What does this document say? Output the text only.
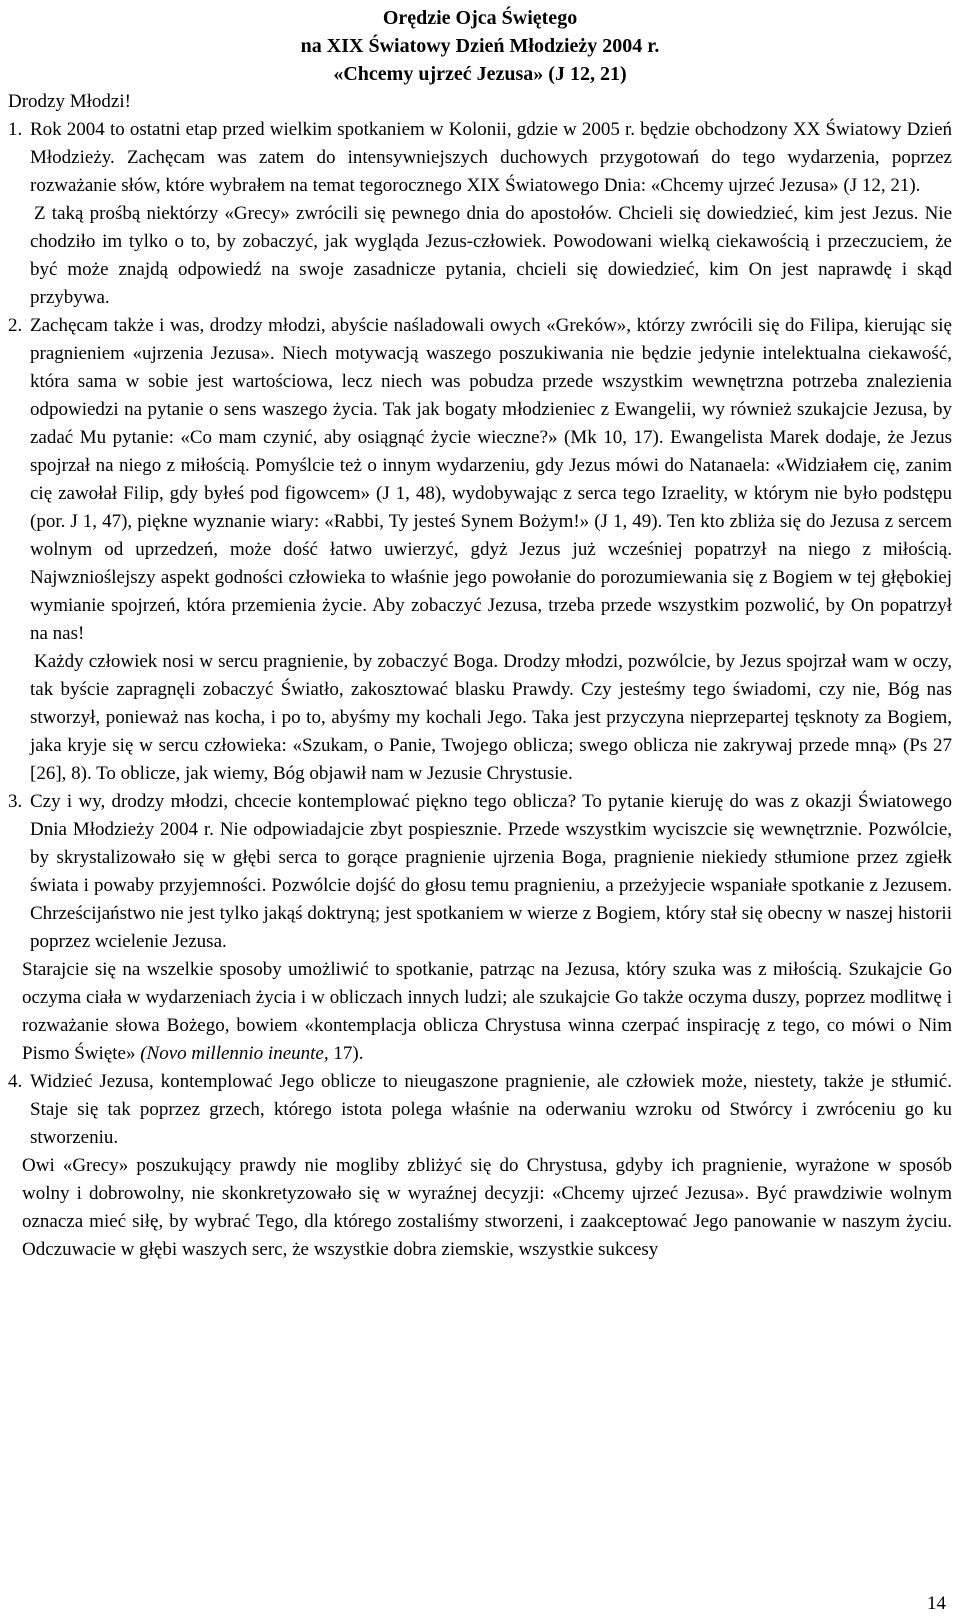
Orędzie Ojca Świętego
na XIX Światowy Dzień Młodzieży 2004 r.
«Chcemy ujrzeć Jezusa» (J 12, 21)
Drodzy Młodzi!
1. Rok 2004 to ostatni etap przed wielkim spotkaniem w Kolonii, gdzie w 2005 r. będzie obchodzony XX Światowy Dzień Młodzieży. Zachęcam was zatem do intensywniejszych duchowych przygotowań do tego wydarzenia, poprzez rozważanie słów, które wybrałem na temat tegorocznego XIX Światowego Dnia: «Chcemy ujrzeć Jezusa» (J 12, 21).
Z taką prośbą niektórzy «Grecy» zwrócili się pewnego dnia do apostołów. Chcieli się dowiedzieć, kim jest Jezus. Nie chodziło im tylko o to, by zobaczyć, jak wygląda Jezus-człowiek. Powodowani wielką ciekawością i przeczuciem, że być może znajdą odpowiedź na swoje zasadnicze pytania, chcieli się dowiedzieć, kim On jest naprawdę i skąd przybywa.
2. Zachęcam także i was, drodzy młodzi, abyście naśladowali owych «Greków», którzy zwrócili się do Filipa, kierując się pragnieniem «ujrzenia Jezusa». Niech motywacją waszego poszukiwania nie będzie jedynie intelektualna ciekawość, która sama w sobie jest wartościowa, lecz niech was pobudza przede wszystkim wewnętrzna potrzeba znalezienia odpowiedzi na pytanie o sens waszego życia. Tak jak bogaty młodzieniec z Ewangelii, wy również szukajcie Jezusa, by zadać Mu pytanie: «Co mam czynić, aby osiągnąć życie wieczne?» (Mk 10, 17). Ewangelista Marek dodaje, że Jezus spojrzał na niego z miłością. Pomyślcie też o innym wydarzeniu, gdy Jezus mówi do Natanaela: «Widziałem cię, zanim cię zawołał Filip, gdy byłeś pod figowcem» (J 1, 48), wydobywając z serca tego Izraelity, w którym nie było podstępu (por. J 1, 47), piękne wyznanie wiary: «Rabbi, Ty jesteś Synem Bożym!» (J 1, 49). Ten kto zbliża się do Jezusa z sercem wolnym od uprzedzeń, może dość łatwo uwierzyć, gdyż Jezus już wcześniej popatrzył na niego z miłością. Najwznioślejszy aspekt godności człowieka to właśnie jego powołanie do porozumiewania się z Bogiem w tej głębokiej wymianie spojrzeń, która przemienia życie. Aby zobaczyć Jezusa, trzeba przede wszystkim pozwolić, by On popatrzył na nas!
Każdy człowiek nosi w sercu pragnienie, by zobaczyć Boga. Drodzy młodzi, pozwólcie, by Jezus spojrzał wam w oczy, tak byście zapragnęli zobaczyć Światło, zakosztować blasku Prawdy. Czy jesteśmy tego świadomi, czy nie, Bóg nas stworzył, ponieważ nas kocha, i po to, abyśmy my kochali Jego. Taka jest przyczyna nieprzepartej tęsknoty za Bogiem, jaka kryje się w sercu człowieka: «Szukam, o Panie, Twojego oblicza; swego oblicza nie zakrywaj przede mną» (Ps 27 [26], 8). To oblicze, jak wiemy, Bóg objawił nam w Jezusie Chrystusie.
3. Czy i wy, drodzy młodzi, chcecie kontemplować piękno tego oblicza? To pytanie kieruję do was z okazji Światowego Dnia Młodzieży 2004 r. Nie odpowiadajcie zbyt pospiesznie. Przede wszystkim wyciszcie się wewnętrznie. Pozwólcie, by skrystalizowało się w głębi serca to gorące pragnienie ujrzenia Boga, pragnienie niekiedy stłumione przez zgiełk świata i powaby przyjemności. Pozwólcie dojść do głosu temu pragnieniu, a przeżyjecie wspaniałe spotkanie z Jezusem. Chrześcijaństwo nie jest tylko jakąś doktryną; jest spotkaniem w wierze z Bogiem, który stał się obecny w naszej historii poprzez wcielenie Jezusa.
Starajcie się na wszelkie sposoby umożliwić to spotkanie, patrząc na Jezusa, który szuka was z miłością. Szukajcie Go oczyma ciała w wydarzeniach życia i w obliczach innych ludzi; ale szukajcie Go także oczyma duszy, poprzez modlitwę i rozważanie słowa Bożego, bowiem «kontemplacja oblicza Chrystusa winna czerpać inspirację z tego, co mówi o Nim Pismo Święte» (Novo millennio ineunte, 17).
4. Widzieć Jezusa, kontemplować Jego oblicze to nieugaszone pragnienie, ale człowiek może, niestety, także je stłumić. Staje się tak poprzez grzech, którego istota polega właśnie na oderwaniu wzroku od Stwórcy i zwróceniu go ku stworzeniu.
Owi «Grecy» poszukujący prawdy nie mogliby zbliżyć się do Chrystusa, gdyby ich pragnienie, wyrażone w sposób wolny i dobrowolny, nie skonkretyzowało się w wyraźnej decyzji: «Chcemy ujrzeć Jezusa». Być prawdziwie wolnym oznacza mieć siłę, by wybrać Tego, dla którego zostaliśmy stworzeni, i zaakceptować Jego panowanie w naszym życiu. Odczuwacie w głębi waszych serc, że wszystkie dobra ziemskie, wszystkie sukcesy
14
